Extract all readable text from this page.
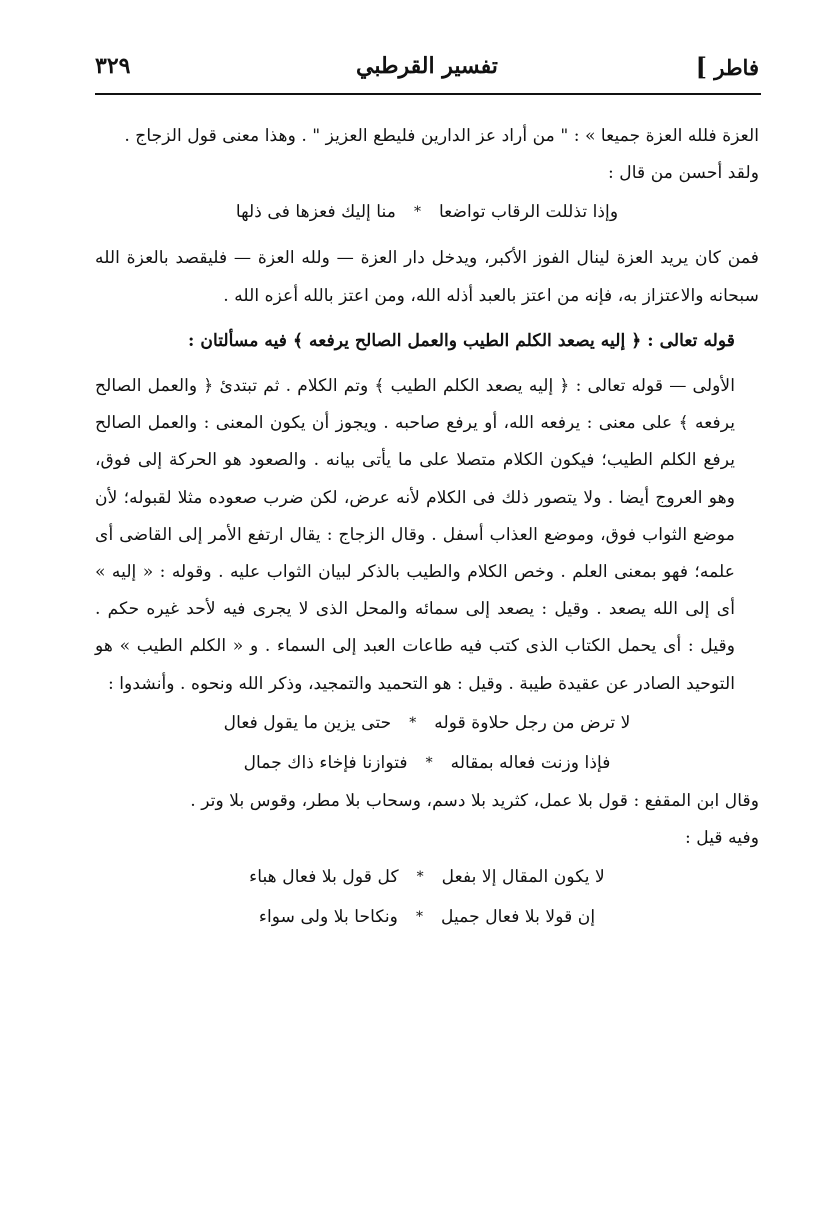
فاطر ]
تفسير القرطبي
٣٢٩

العزة فلله العزة جميعا » : " من أراد عز الدارين فليطع العزيز " . وهذا معنى قول الزجاج .

ولقد أحسن من قال :

وإذا تذللت الرقاب تواضعا
*
منا إليك فعزها فى ذلها

فمن كان يريد العزة لينال الفوز الأكبر، ويدخل دار العزة — ولله العزة — فليقصد بالعزة الله سبحانه والاعتزاز به، فإنه من اعتز بالعبد أذله الله، ومن اعتز بالله أعزه الله .

قوله تعالى : ﴿ إليه يصعد الكلم الطيب والعمل الصالح يرفعه ﴾ فيه مسألتان :

الأولى — قوله تعالى : ﴿ إليه يصعد الكلم الطيب ﴾ وتم الكلام . ثم تبتدئ ﴿ والعمل الصالح يرفعه ﴾ على معنى : يرفعه الله، أو يرفع صاحبه . ويجوز أن يكون المعنى : والعمل الصالح يرفع الكلم الطيب؛ فيكون الكلام متصلا على ما يأتى بيانه . والصعود هو الحركة إلى فوق، وهو العروج أيضا . ولا يتصور ذلك فى الكلام لأنه عرض، لكن ضرب صعوده مثلا لقبوله؛ لأن موضع الثواب فوق، وموضع العذاب أسفل . وقال الزجاج : يقال ارتفع الأمر إلى القاضى أى علمه؛ فهو بمعنى العلم . وخص الكلام والطيب بالذكر لبيان الثواب عليه . وقوله : « إليه » أى إلى الله يصعد . وقيل : يصعد إلى سمائه والمحل الذى لا يجرى فيه لأحد غيره حكم . وقيل : أى يحمل الكتاب الذى كتب فيه طاعات العبد إلى السماء . و « الكلم الطيب » هو التوحيد الصادر عن عقيدة طيبة . وقيل : هو التحميد والتمجيد، وذكر الله ونحوه . وأنشدوا :

لا ترض من رجل حلاوة قوله
*
حتى يزين ما يقول فعال
فإذا وزنت فعاله بمقاله
*
فتوازنا فإخاء ذاك جمال

وقال ابن المقفع : قول بلا عمل، كثريد بلا دسم، وسحاب بلا مطر، وقوس بلا وتر .

وفيه قيل :

لا يكون المقال إلا بفعل
*
كل قول بلا فعال هباء
إن قولا بلا فعال جميل
*
ونكاحا بلا ولى سواء
